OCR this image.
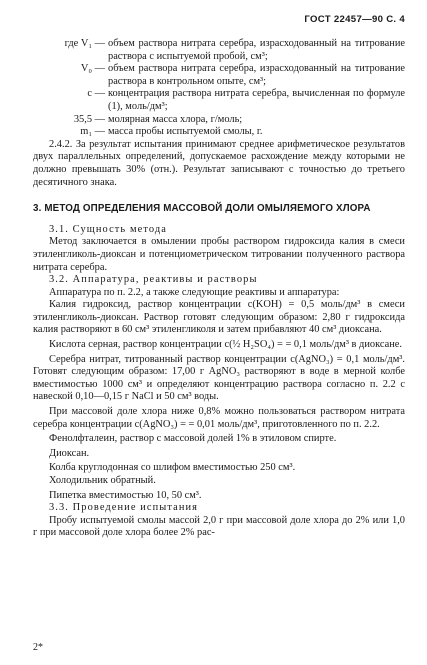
ГОСТ 22457—90 С. 4
где V₁ — объем раствора нитрата серебра, израсходованный на титрование раствора с испытуемой пробой, см³;
V₀ — объем раствора нитрата серебра, израсходованный на титрование раствора в контрольном опыте, см³;
c — концентрация раствора нитрата серебра, вычисленная по формуле (1), моль/дм³;
35,5 — молярная масса хлора, г/моль;
m₁ — масса пробы испытуемой смолы, г.

2.4.2. За результат испытания принимают среднее арифметическое результатов двух параллельных определений, допускаемое расхождение между которыми не должно превышать 30% (отн.). Результат записывают с точностью до третьего десятичного знака.

3. МЕТОД ОПРЕДЕЛЕНИЯ МАССОВОЙ ДОЛИ ОМЫЛЯЕМОГО ХЛОРА

3.1. Сущность метода

Метод заключается в омылении пробы раствором гидроксида калия в смеси этиленгликоль-диоксан и потенциометрическом титровании полученного раствора нитрата серебра.

3.2. Аппаратура, реактивы и растворы

Аппаратура по п. 2.2, а также следующие реактивы и аппаратура:

Калия гидроксид, раствор концентрации c(KOH) = 0,5 моль/дм³ в смеси этиленгликоль-диоксан. Раствор готовят следующим образом: 2,80 г гидроксида калия растворяют в 60 см³ этиленгликоля и затем прибавляют 40 см³ диоксана.

Кислота серная, раствор концентрации c(½ H₂SO₄) = = 0,1 моль/дм³ в диоксане.

Серебра нитрат, титрованный раствор концентрации c(AgNO₃) = 0,1 моль/дм³. Готовят следующим образом: 17,00 г AgNO₃ растворяют в воде в мерной колбе вместимостью 1000 см³ и определяют концентрацию раствора согласно п. 2.2 с навеской 0,10—0,15 г NaCl и 50 см³ воды.

При массовой доле хлора ниже 0,8% можно пользоваться раствором нитрата серебра концентрации c(AgNO₃) = = 0,01 моль/дм³, приготовленного по п. 2.2.

Фенолфталеин, раствор с массовой долей 1% в этиловом спирте.

Диоксан.

Колба круглодонная со шлифом вместимостью 250 см³.

Холодильник обратный.

Пипетка вместимостью 10, 50 см³.

3.3. Проведение испытания

Пробу испытуемой смолы массой 2,0 г при массовой доле хлора до 2% или 1,0 г при массовой доле хлора более 2% рас-

2*
